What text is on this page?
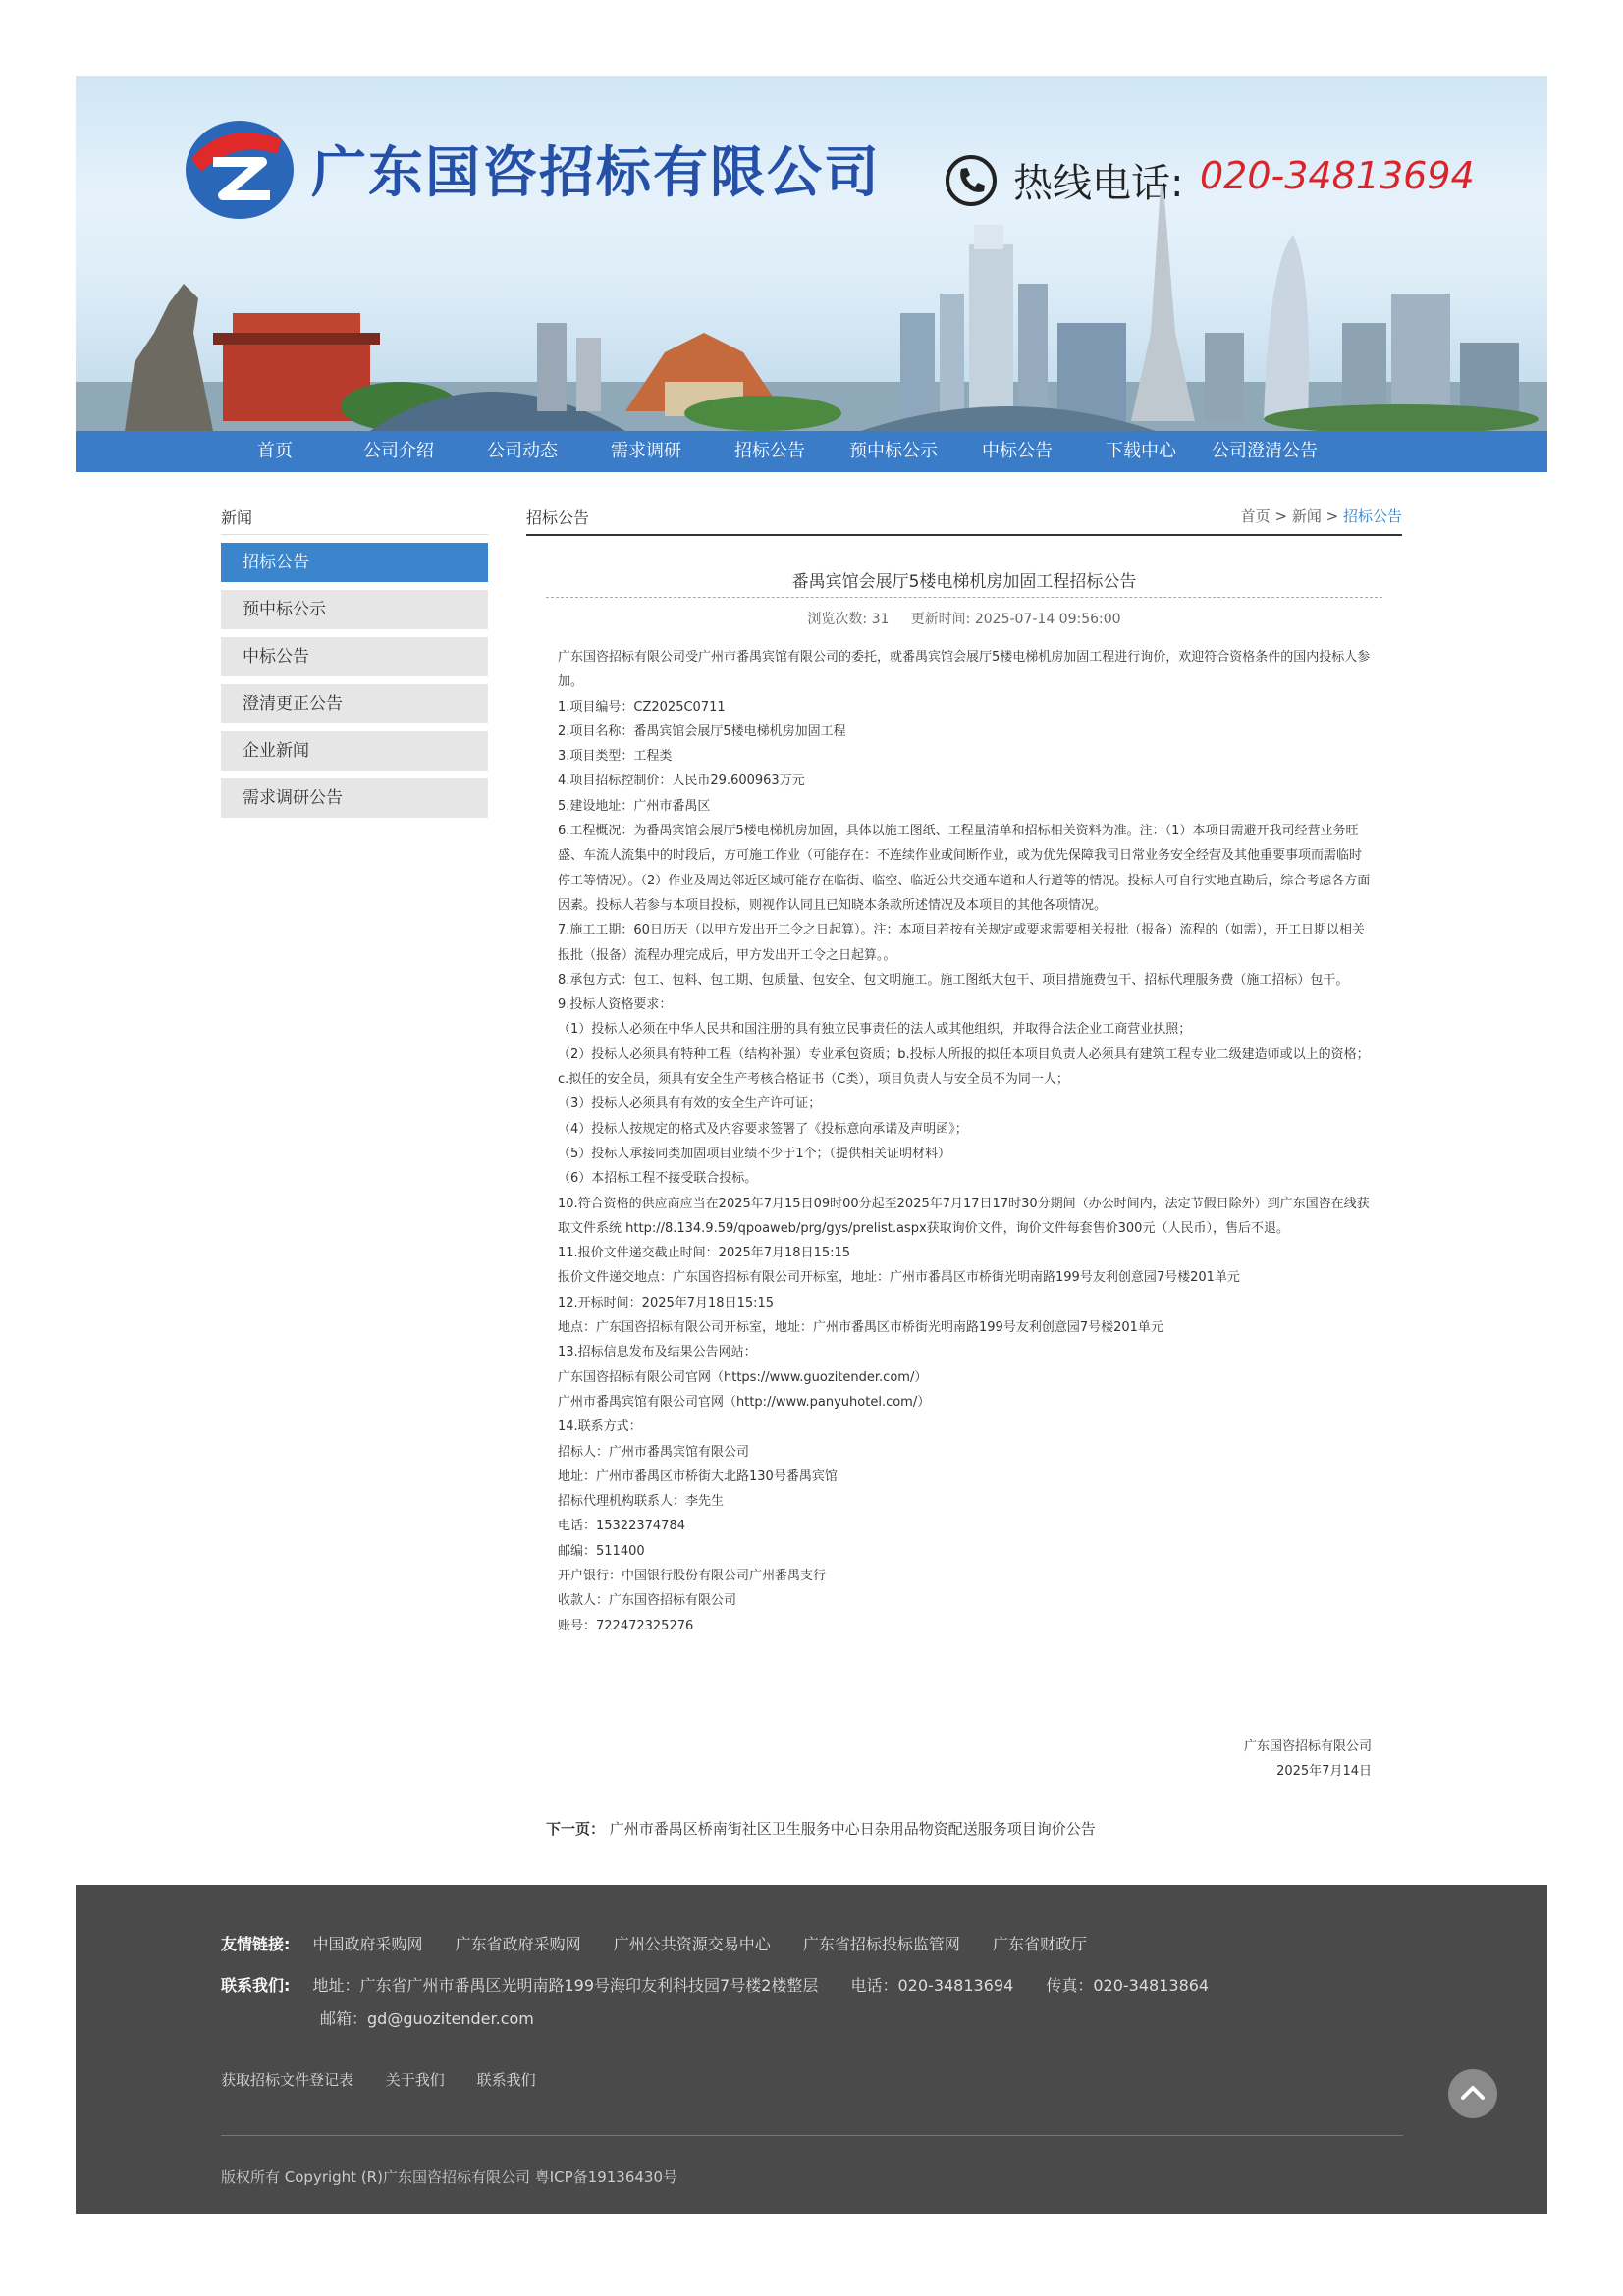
广东国咨招标有限公司	热线电话: 020-34813694
首页	公司介绍	公司动态	需求调研	招标公告	预中标公示	中标公告	下载中心	公司澄清公告
新闻
招标公告
预中标公示
中标公告
澄清更正公告
企业新闻
需求调研公告
招标公告	首页 > 新闻 > 招标公告
番禺宾馆会展厅5楼电梯机房加固工程招标公告
浏览次数: 31 更新时间: 2025-07-14 09:56:00

广东国咨招标有限公司受广州市番禺宾馆有限公司的委托，就番禺宾馆会展厅5楼电梯机房加固工程进行询价，欢迎符合资格条件的国内投标人参加。

1.项目编号：CZ2025C0711

2.项目名称：番禺宾馆会展厅5楼电梯机房加固工程

3.项目类型：工程类

4.项目招标控制价：人民币29.600963万元

5.建设地址：广州市番禺区

6.工程概况：为番禺宾馆会展厅5楼电梯机房加固，具体以施工图纸、工程量清单和招标相关资料为准。注：（1）本项目需避开我司经营业务旺盛、车流人流集中的时段后，方可施工作业（可能存在：不连续作业或间断作业，或为优先保障我司日常业务安全经营及其他重要事项而需临时停工等情况）。（2）作业及周边邻近区域可能存在临街、临空、临近公共交通车道和人行道等的情况。投标人可自行实地直勘后，综合考虑各方面因素。投标人若参与本项目投标，则视作认同且已知晓本条款所述情况及本项目的其他各项情况。

7.施工工期：60日历天（以甲方发出开工令之日起算）。注：本项目若按有关规定或要求需要相关报批（报备）流程的（如需），开工日期以相关报批（报备）流程办理完成后，甲方发出开工令之日起算。。

8.承包方式：包工、包料、包工期、包质量、包安全、包文明施工。施工图纸大包干、项目措施费包干、招标代理服务费（施工招标）包干。

9.投标人资格要求：

（1）投标人必须在中华人民共和国注册的具有独立民事责任的法人或其他组织，并取得合法企业工商营业执照；

（2）投标人必须具有特种工程（结构补强）专业承包资质；b.投标人所报的拟任本项目负责人必须具有建筑工程专业二级建造师或以上的资格；c.拟任的安全员，须具有安全生产考核合格证书（C类），项目负责人与安全员不为同一人；

（3）投标人必须具有有效的安全生产许可证；

（4）投标人按规定的格式及内容要求签署了《投标意向承诺及声明函》；

（5）投标人承接同类加固项目业绩不少于1个；（提供相关证明材料）

（6）本招标工程不接受联合投标。

10.符合资格的供应商应当在2025年7月15日09时00分起至2025年7月17日17时30分期间（办公时间内，法定节假日除外）到广东国咨在线获取文件系统 http://8.134.9.59/qpoaweb/prg/gys/prelist.aspx获取询价文件，询价文件每套售价300元（人民币），售后不退。

11.报价文件递交截止时间：2025年7月18日15:15

报价文件递交地点：广东国咨招标有限公司开标室，地址：广州市番禺区市桥街光明南路199号友利创意园7号楼201单元

12.开标时间：2025年7月18日15:15

地点：广东国咨招标有限公司开标室，地址：广州市番禺区市桥街光明南路199号友利创意园7号楼201单元

13.招标信息发布及结果公告网站：

广东国咨招标有限公司官网（https://www.guozitender.com/）

广州市番禺宾馆有限公司官网（http://www.panyuhotel.com/）

14.联系方式：

招标人：广州市番禺宾馆有限公司

地址：广州市番禺区市桥街大北路130号番禺宾馆

招标代理机构联系人：李先生

电话：15322374784

邮编：511400

开户银行：中国银行股份有限公司广州番禺支行

收款人：广东国咨招标有限公司

账号：722472325276

广东国咨招标有限公司
2025年7月14日
下一页： 广州市番禺区桥南街社区卫生服务中心日杂用品物资配送服务项目询价公告
友情链接: 中国政府采购网 广东省政府采购网 广州公共资源交易中心 广东省招标投标监管网 广东省财政厅
联系我们: 地址：广东省广州市番禺区光明南路199号海印友利科技园7号楼2楼整层 电话：020-34813694 传真：020-34813864
邮箱：gd@guozitender.com
获取招标文件登记表 关于我们 联系我们
版权所有 Copyright (R)广东国咨招标有限公司 粤ICP备19136430号
